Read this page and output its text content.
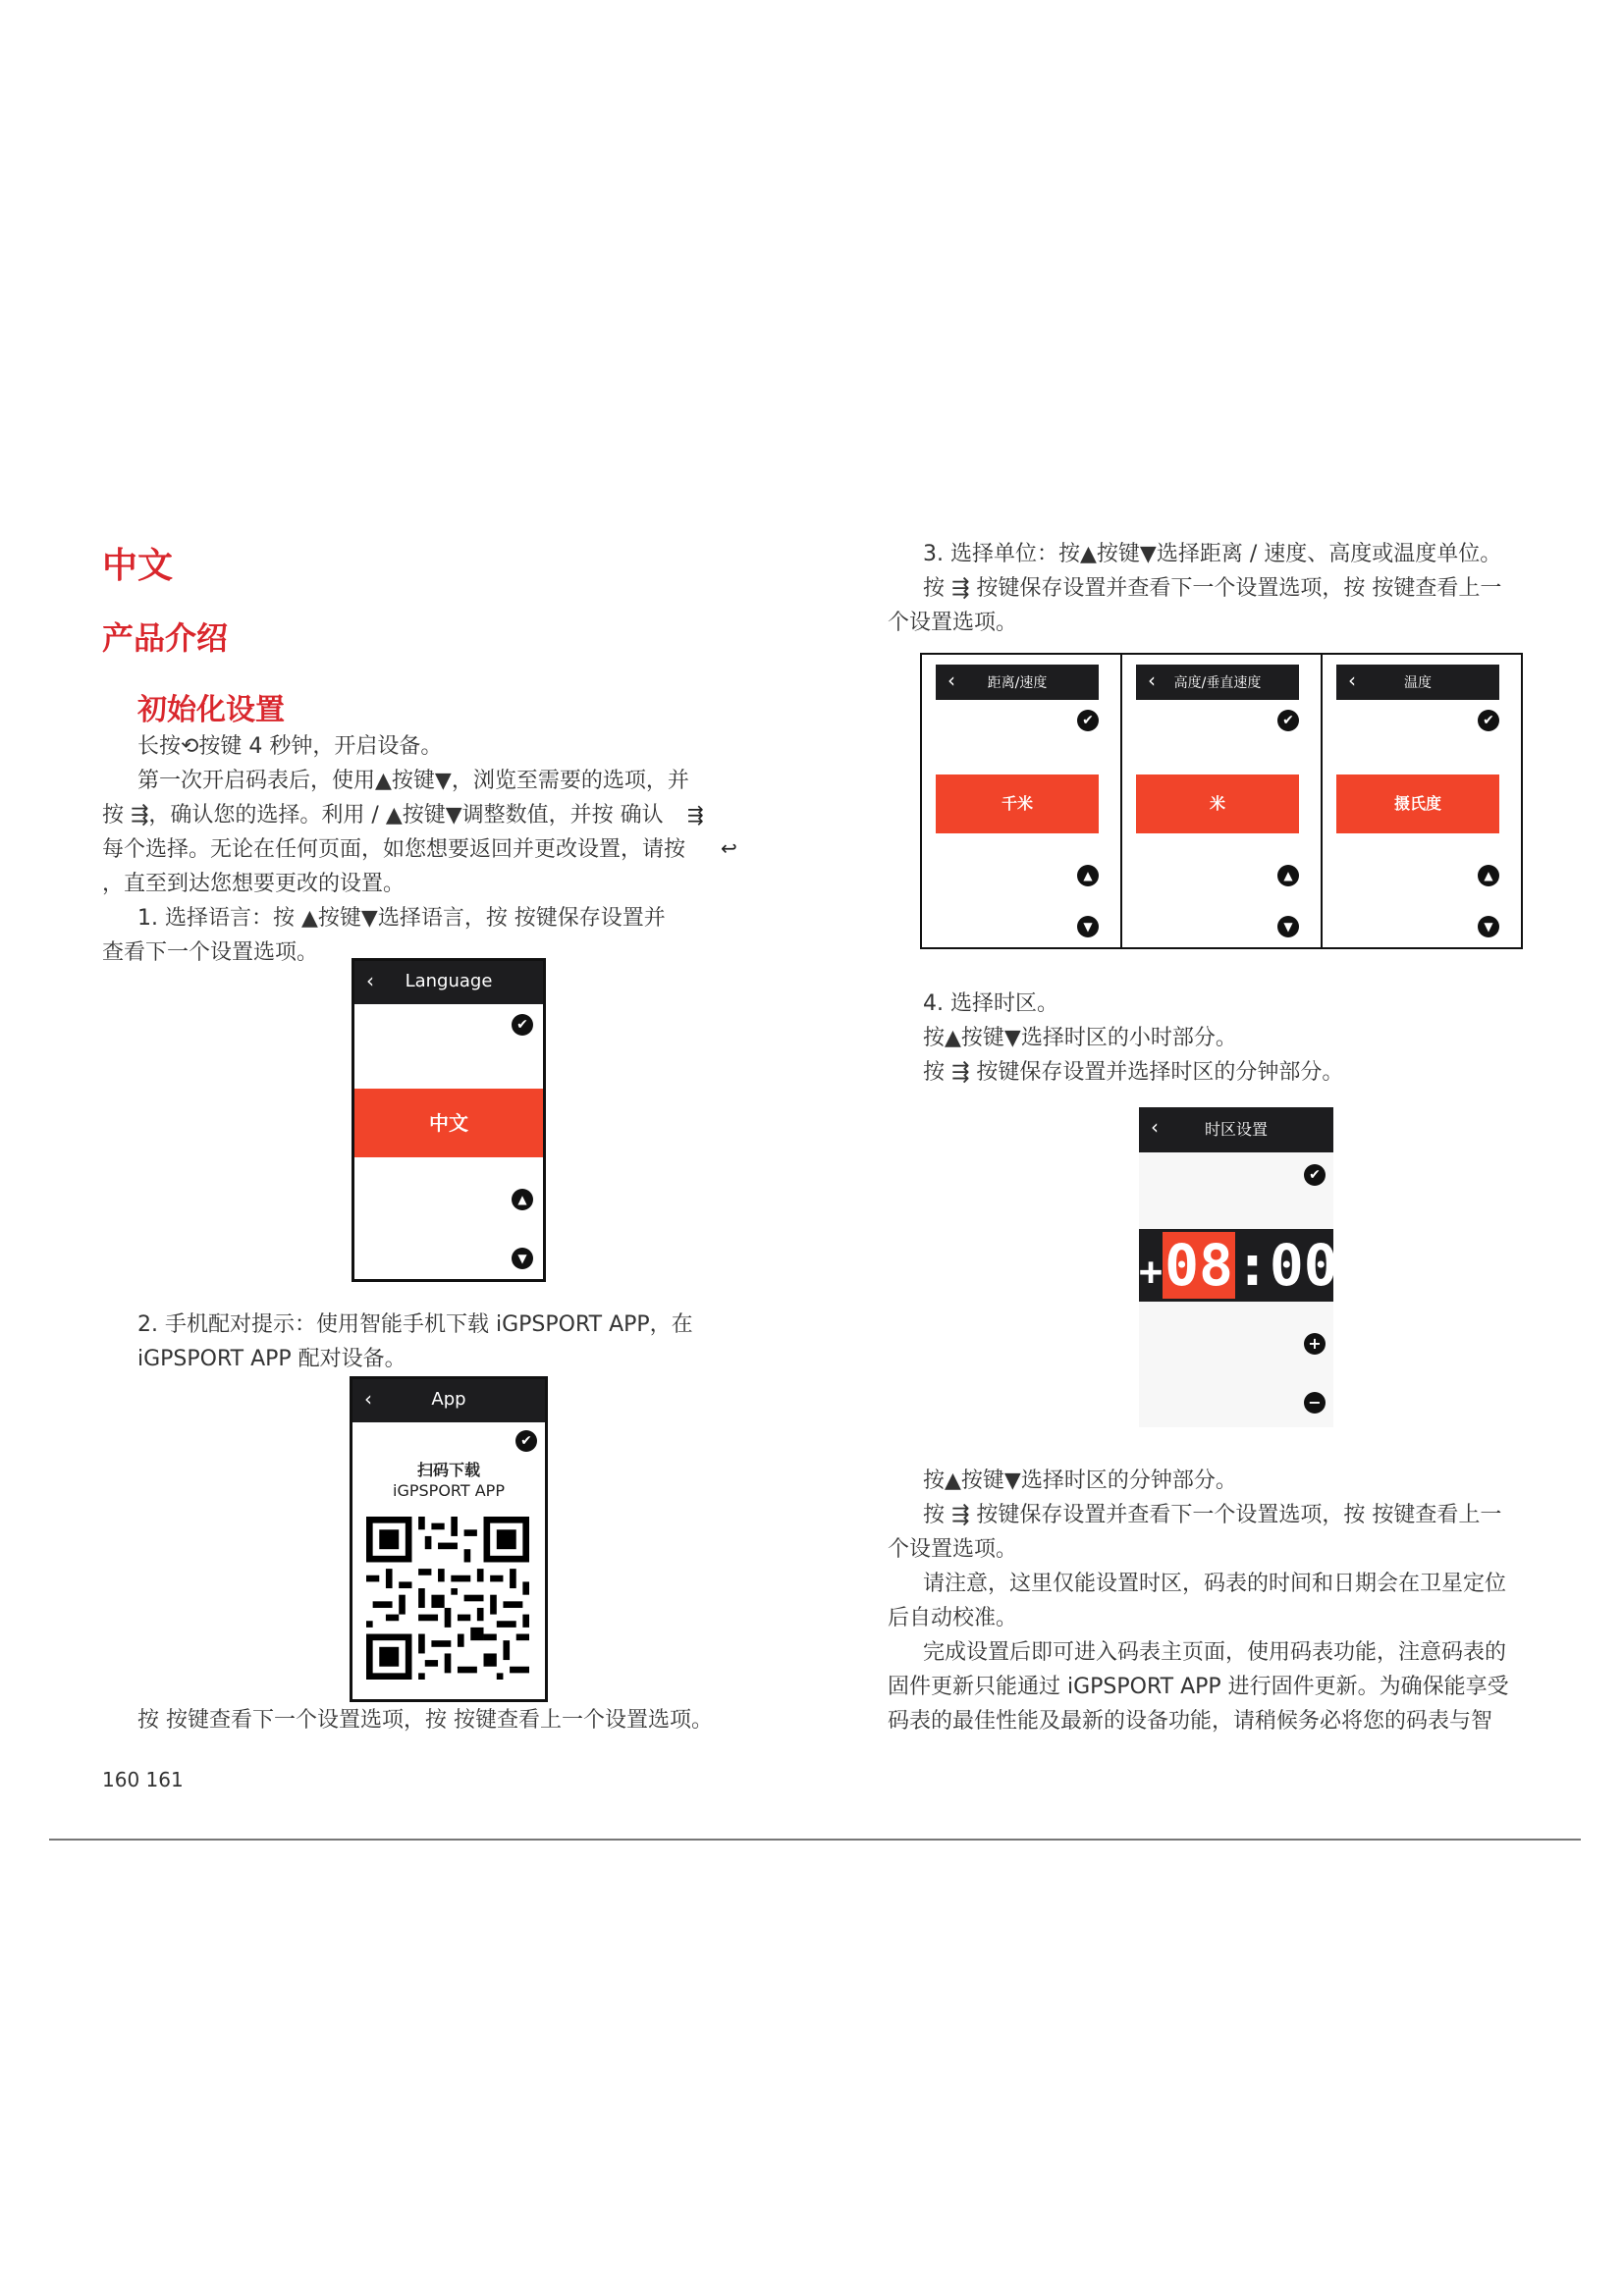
中文
产品介绍
初始化设置
长按⟲按键 4 秒钟，开启设备。
第一次开启码表后，使用▲按键▼，浏览至需要的选项，并
按 ⇶，确认您的选择。利用 / ▲按键▼调整数值，并按 确认 ⇶
每个选择。无论在任何页面，如您想要返回并更改设置，请按 ↩
，直至到达您想要更改的设置。
1. 选择语言：按 ▲按键▼选择语言，按 按键保存设置并
查看下一个设置选项。
‹	Language
✔
中文
▲
▼
2. 手机配对提示：使用智能手机下载 iGPSPORT APP，在
iGPSPORT APP 配对设备。
‹	App
✔
扫码下载
iGPSPORT APP
按 按键查看下一个设置选项，按 按键查看上一个设置选项。
160 161
3. 选择单位：按▲按键▼选择距离 / 速度、高度或温度单位。
按 ⇶ 按键保存设置并查看下一个设置选项，按 按键查看上一
个设置选项。
‹	距离/速度
✔
千米
▲
▼
‹	高度/垂直速度
✔
米
▲
▼
‹	温度
✔
摄氏度
▲
▼
4. 选择时区。
按▲按键▼选择时区的小时部分。
按 ⇶ 按键保存设置并选择时区的分钟部分。
‹	时区设置
✔
+08:00
+
−
按▲按键▼选择时区的分钟部分。
按 ⇶ 按键保存设置并查看下一个设置选项，按 按键查看上一
个设置选项。
请注意，这里仅能设置时区，码表的时间和日期会在卫星定位
后自动校准。
完成设置后即可进入码表主页面，使用码表功能，注意码表的
固件更新只能通过 iGPSPORT APP 进行固件更新。为确保能享受
码表的最佳性能及最新的设备功能，请稍候务必将您的码表与智
